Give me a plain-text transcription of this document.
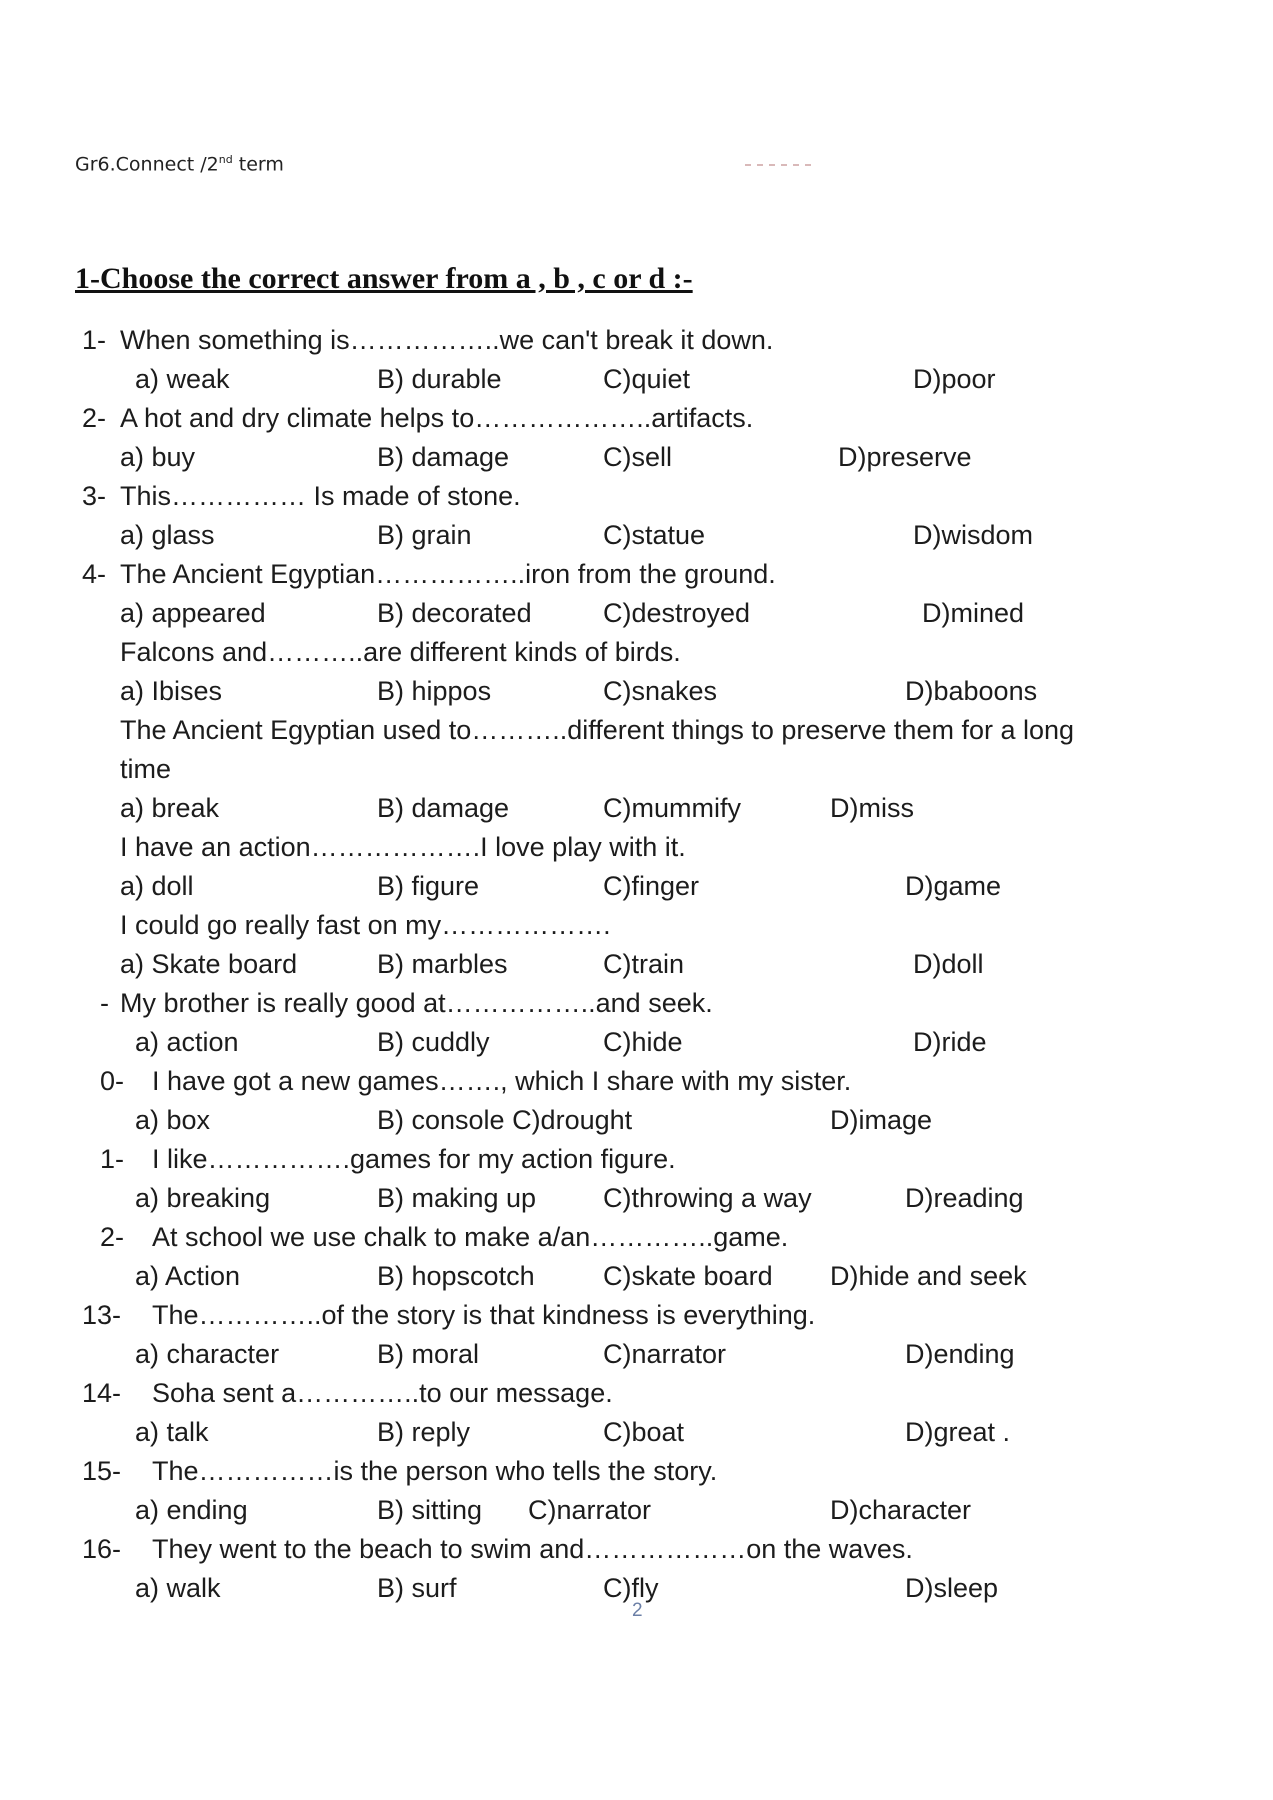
Gr6.Connect /2nd term
1-Choose the correct answer from a , b , c or d :-
1- When something is……………..we can't break it down.
a) weak	B) durable	C)quiet	D)poor
2- A hot and dry climate helps to………………..artifacts.
a) buy	B) damage	C)sell	D)preserve
3- This…………… Is made of stone.
a) glass	B) grain	C)statue	D)wisdom
4- The Ancient Egyptian……………..iron from the ground.
a) appeared	B) decorated	C)destroyed	D)mined
Falcons and………..are different kinds of birds.
a) Ibises	B) hippos	C)snakes	D)baboons
The Ancient Egyptian used to………..different things to preserve them for a long
time
a) break	B) damage	C)mummify	D)miss
I have an action……………….I love play with it.
a) doll	B) figure	C)finger	D)game
I could go really fast on my……………….
a) Skate board	B) marbles	C)train	D)doll
- My brother is really good at……………..and seek.
a) action	B) cuddly	C)hide	D)ride
0- I have got a new games……., which I share with my sister.
a) box	B) console C)drought	D)image
1- I like…………….games for my action figure.
a) breaking	B) making up C)throwing a way	D)reading
2- At school we use chalk to make a/an…………..game.
a) Action	B) hopscotch	C)skate board D)hide and seek
13- The…………..of the story is that kindness is everything.
a) character	B) moral	C)narrator	D)ending
14- Soha sent a…………..to our message.
a) talk	B) reply	C)boat	D)great .
15- The……………is the person who tells the story.
a) ending	B) sitting C)narrator	D)character
16- They went to the beach to swim and………………on the waves.
a) walk	B) surf	C)fly	D)sleep
2
